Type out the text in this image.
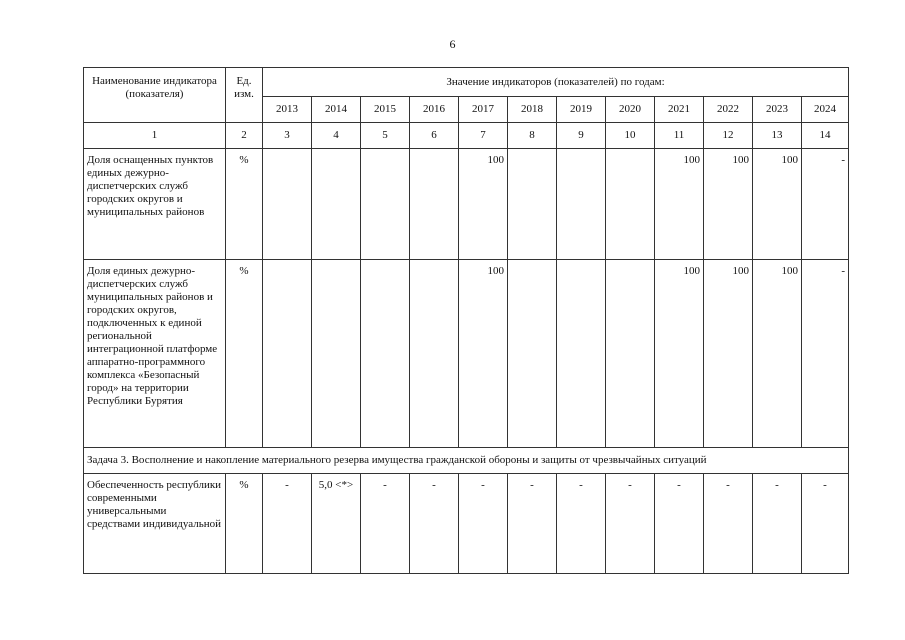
6
Наименование индикатора (показателя)	Ед. изм.	Значение индикаторов (показателей) по годам:											
		2013	2014	2015	2016	2017	2018	2019	2020	2021	2022	2023	2024
1	2	3	4	5	6	7	8	9	10	11	12	13	14
Доля оснащенных пунктов единых дежурно-диспетчерских служб городских округов и муниципальных районов	%					100				100	100	100	-
Доля единых дежурно-диспетчерских служб муниципальных районов и городских округов, подключенных к единой региональной интеграционной платформе аппаратно-программного комплекса «Безопасный город» на территории Республики Бурятия	%					100				100	100	100	-
Задача 3. Восполнение и накопление материального резерва имущества гражданской обороны и защиты от чрезвычайных ситуаций													
Обеспеченность республики современными универсальными средствами индивидуальной	%	-	5,0 <*>	-	-	-	-	-	-	-	-	-	-
